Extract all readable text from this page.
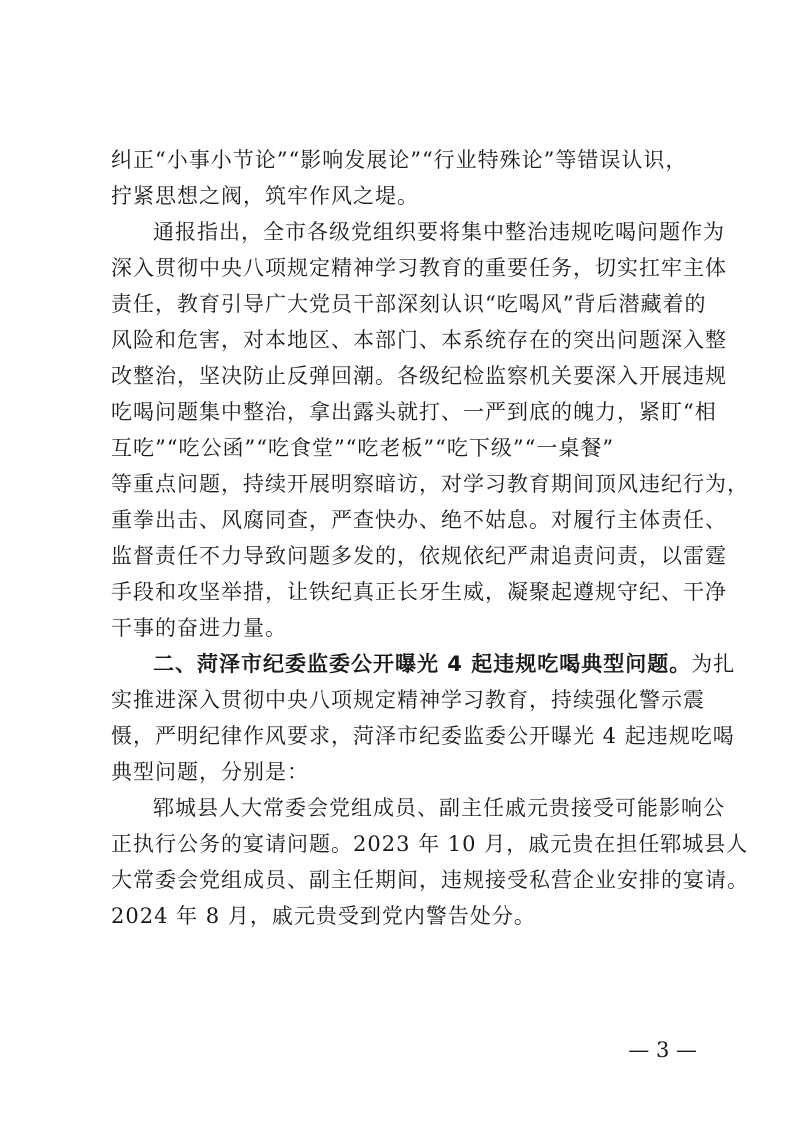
纠正“小事小节论”“影响发展论”“行业特殊论”等错误认识，
拧紧思想之阀，筑牢作风之堤。
通报指出，全市各级党组织要将集中整治违规吃喝问题作为
深入贯彻中央八项规定精神学习教育的重要任务，切实扛牢主体
责任，教育引导广大党员干部深刻认识“吃喝风”背后潜藏着的
风险和危害，对本地区、本部门、本系统存在的突出问题深入整
改整治，坚决防止反弹回潮。各级纪检监察机关要深入开展违规
吃喝问题集中整治，拿出露头就打、一严到底的魄力，紧盯“相
互吃”“吃公函”“吃食堂”“吃老板”“吃下级”“一桌餐”
等重点问题，持续开展明察暗访，对学习教育期间顶风违纪行为，
重拳出击、风腐同查，严查快办、绝不姑息。对履行主体责任、
监督责任不力导致问题多发的，依规依纪严肃追责问责，以雷霆
手段和攻坚举措，让铁纪真正长牙生威，凝聚起遵规守纪、干净
干事的奋进力量。
二、菏泽市纪委监委公开曝光 4 起违规吃喝典型问题。为扎
实推进深入贯彻中央八项规定精神学习教育，持续强化警示震
慑，严明纪律作风要求，菏泽市纪委监委公开曝光 4 起违规吃喝
典型问题，分别是：
郓城县人大常委会党组成员、副主任戚元贵接受可能影响公
正执行公务的宴请问题。2023 年 10 月，戚元贵在担任郓城县人
大常委会党组成员、副主任期间，违规接受私营企业安排的宴请。
2024 年 8 月，戚元贵受到党内警告处分。
— 3 —
